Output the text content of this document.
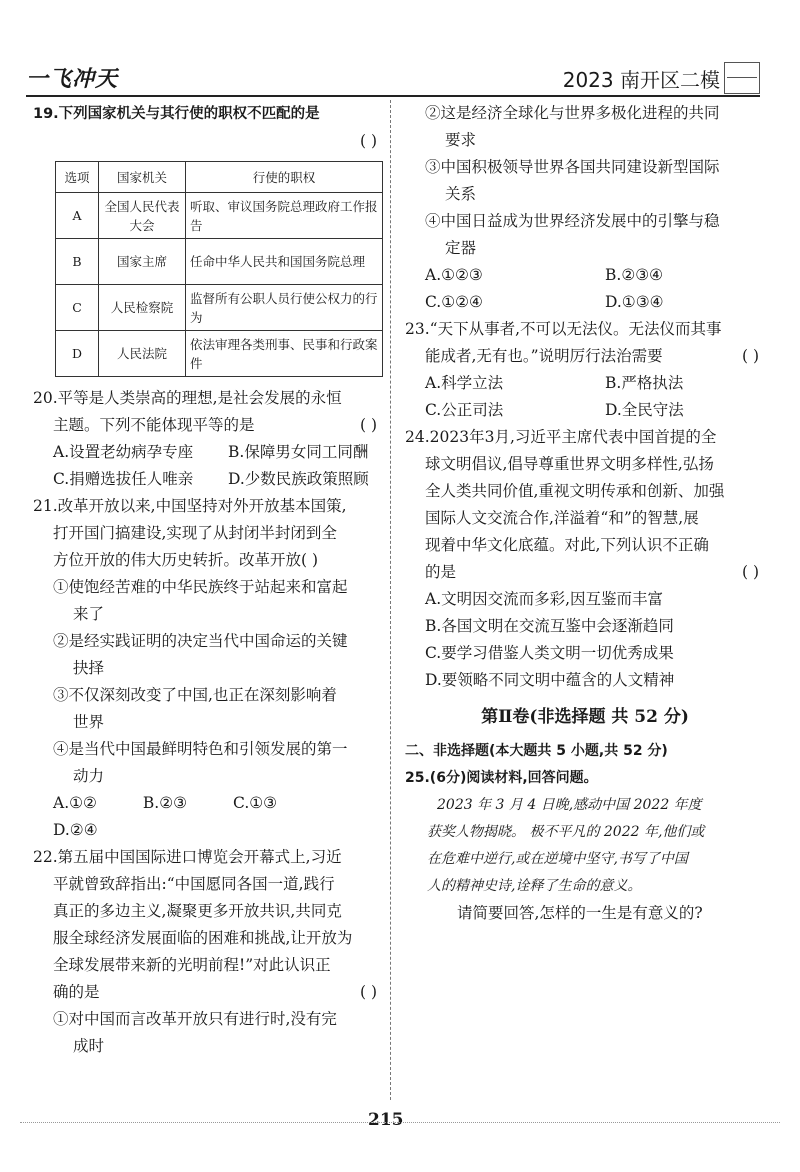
一飞冲天	2023 南开区二模

19.下列国家机关与其行使的职权不匹配的是

( )

选项	国家机关	行使的职权
A	全国人民代表大会	听取、审议国务院总理政府工作报告
B	国家主席	任命中华人民共和国国务院总理
C	人民检察院	监督所有公职人员行使公权力的行为
D	人民法院	依法审理各类刑事、民事和行政案件

20.平等是人类崇高的理想,是社会发展的永恒

主题。下列不能体现平等的是	( )

A.设置老幼病孕专座	B.保障男女同工同酬
C.捐赠选拔任人唯亲	D.少数民族政策照顾

21.改革开放以来,中国坚持对外开放基本国策,

打开国门搞建设,实现了从封闭半封闭到全

方位开放的伟大历史转折。改革开放( )

①使饱经苦难的中华民族终于站起来和富起

来了

②是经实践证明的决定当代中国命运的关键

抉择

③不仅深刻改变了中国,也正在深刻影响着

世界

④是当代中国最鲜明特色和引领发展的第一

动力

A.①②	B.②③	C.①③
D.②④

22.第五届中国国际进口博览会开幕式上,习近

平就曾致辞指出:“中国愿同各国一道,践行

真正的多边主义,凝聚更多开放共识,共同克

服全球经济发展面临的困难和挑战,让开放为

全球发展带来新的光明前程!”对此认识正

确的是	( )

①对中国而言改革开放只有进行时,没有完

成时

②这是经济全球化与世界多极化进程的共同

要求

③中国积极领导世界各国共同建设新型国际

关系

④中国日益成为世界经济发展中的引擎与稳

定器

A.①②③	B.②③④
C.①②④	D.①③④

23.“天下从事者,不可以无法仪。无法仪而其事

能成者,无有也。”说明厉行法治需要	( )

A.科学立法	B.严格执法
C.公正司法	D.全民守法

24.2023年3月,习近平主席代表中国首提的全

球文明倡议,倡导尊重世界文明多样性,弘扬

全人类共同价值,重视文明传承和创新、加强

国际人文交流合作,洋溢着“和”的智慧,展

现着中华文化底蕴。对此,下列认识不正确

的是	( )

A.文明因交流而多彩,因互鉴而丰富

B.各国文明在交流互鉴中会逐渐趋同

C.要学习借鉴人类文明一切优秀成果

D.要领略不同文明中蕴含的人文精神

第Ⅱ卷(非选择题 共 52 分)

二、非选择题(本大题共 5 小题,共 52 分)

25.(6分)阅读材料,回答问题。

2023 年 3 月 4 日晚,感动中国 2022 年度

获奖人物揭晓。 极不平凡的 2022 年,他们或

在危难中逆行,或在逆境中坚守,书写了中国

人的精神史诗,诠释了生命的意义。

请简要回答,怎样的一生是有意义的?

215
